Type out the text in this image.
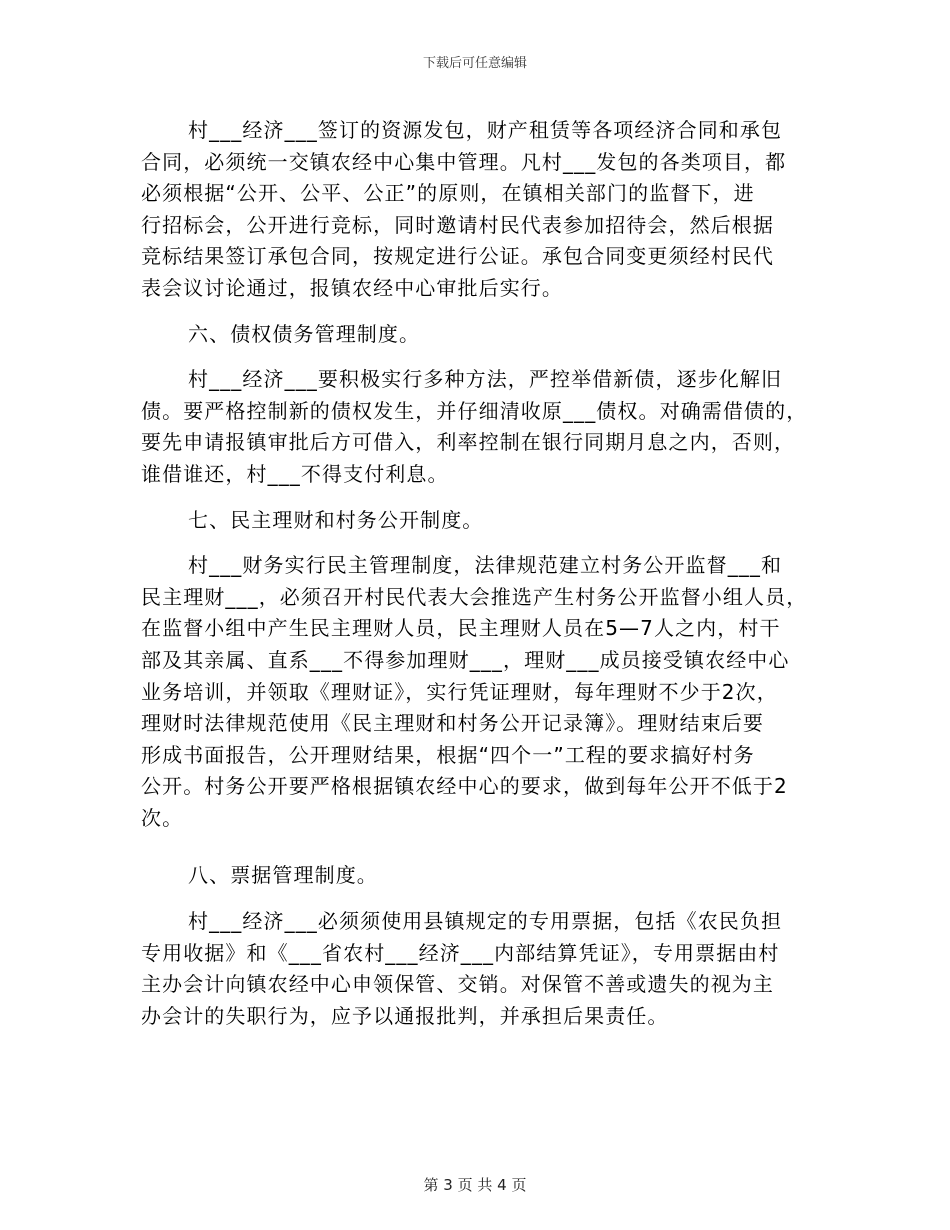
下载后可任意编辑
村___经济___签订的资源发包，财产租赁等各项经济合同和承包
合同，必须统一交镇农经中心集中管理。凡村___发包的各类项目，都
必须根据“公开、公平、公正”的原则，在镇相关部门的监督下，进
行招标会，公开进行竞标，同时邀请村民代表参加招待会，然后根据
竞标结果签订承包合同，按规定进行公证。承包合同变更须经村民代
表会议讨论通过，报镇农经中心审批后实行。
六、债权债务管理制度。
村___经济___要积极实行多种方法，严控举借新债，逐步化解旧
债。要严格控制新的债权发生，并仔细清收原___债权。对确需借债的，
要先申请报镇审批后方可借入，利率控制在银行同期月息之内，否则，
谁借谁还，村___不得支付利息。
七、民主理财和村务公开制度。
村___财务实行民主管理制度，法律规范建立村务公开监督___和
民主理财___，必须召开村民代表大会推选产生村务公开监督小组人员，
在监督小组中产生民主理财人员，民主理财人员在5—7人之内，村干
部及其亲属、直系___不得参加理财___，理财___成员接受镇农经中心
业务培训，并领取《理财证》，实行凭证理财，每年理财不少于2次，
理财时法律规范使用《民主理财和村务公开记录簿》。理财结束后要
形成书面报告，公开理财结果，根据“四个一”工程的要求搞好村务
公开。村务公开要严格根据镇农经中心的要求，做到每年公开不低于2
次。
八、票据管理制度。
村___经济___必须须使用县镇规定的专用票据，包括《农民负担
专用收据》和《___省农村___经济___内部结算凭证》，专用票据由村
主办会计向镇农经中心申领保管、交销。对保管不善或遗失的视为主
办会计的失职行为，应予以通报批判，并承担后果责任。
第 3 页 共 4 页
